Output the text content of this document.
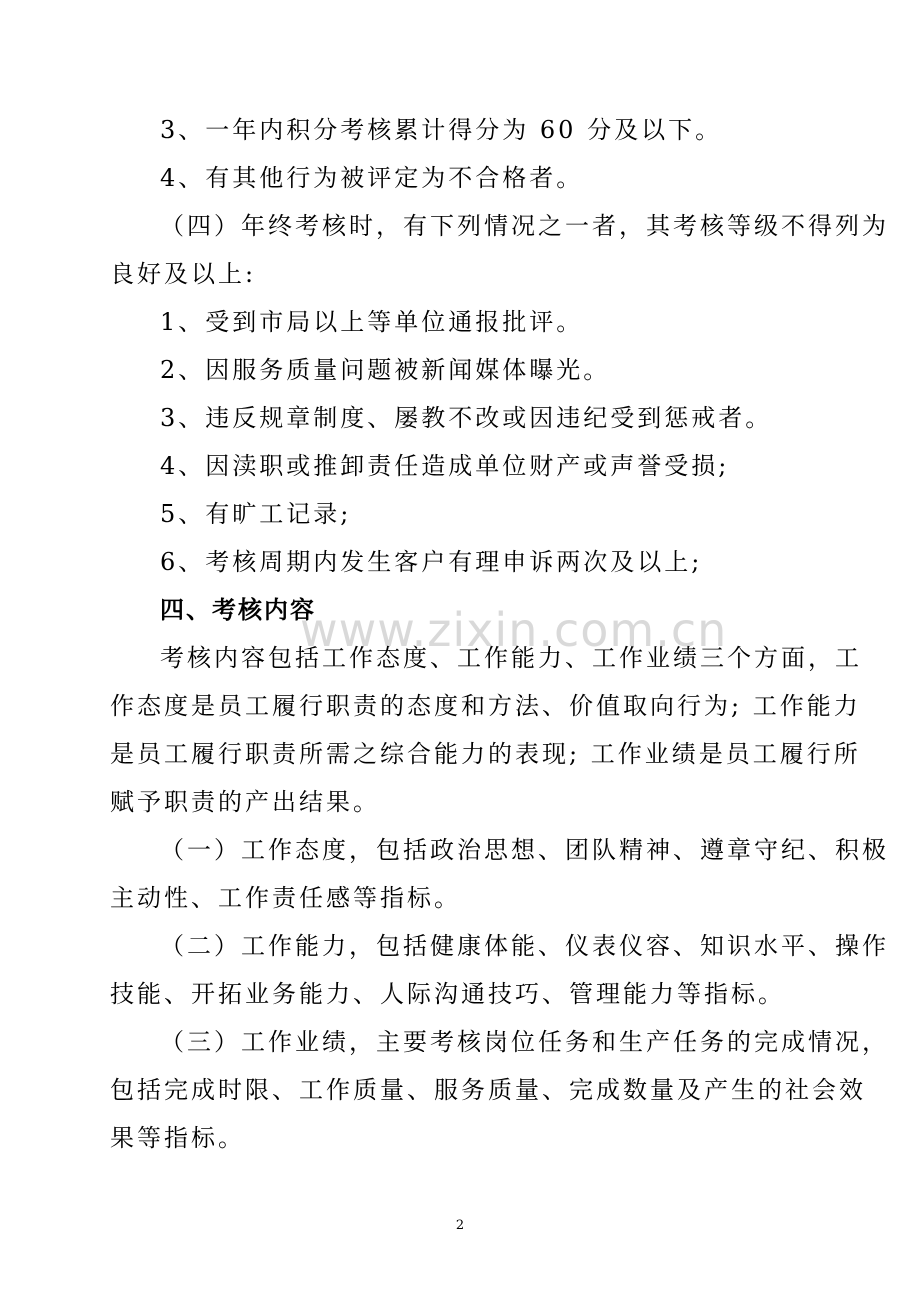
www.zixin.com.cn
3、一年内积分考核累计得分为 60 分及以下。
4、有其他行为被评定为不合格者。
（四）年终考核时，有下列情况之一者，其考核等级不得列为
良好及以上:
1、受到市局以上等单位通报批评。
2、因服务质量问题被新闻媒体曝光。
3、违反规章制度、屡教不改或因违纪受到惩戒者。
4、因渎职或推卸责任造成单位财产或声誉受损;
5、有旷工记录;
6、考核周期内发生客户有理申诉两次及以上;
四、考核内容
考核内容包括工作态度、工作能力、工作业绩三个方面，工
作态度是员工履行职责的态度和方法、价值取向行为; 工作能力
是员工履行职责所需之综合能力的表现; 工作业绩是员工履行所
赋予职责的产出结果。
（一）工作态度，包括政治思想、团队精神、遵章守纪、积极
主动性、工作责任感等指标。
（二）工作能力，包括健康体能、仪表仪容、知识水平、操作
技能、开拓业务能力、人际沟通技巧、管理能力等指标。
（三）工作业绩，主要考核岗位任务和生产任务的完成情况，
包括完成时限、工作质量、服务质量、完成数量及产生的社会效
果等指标。
2
